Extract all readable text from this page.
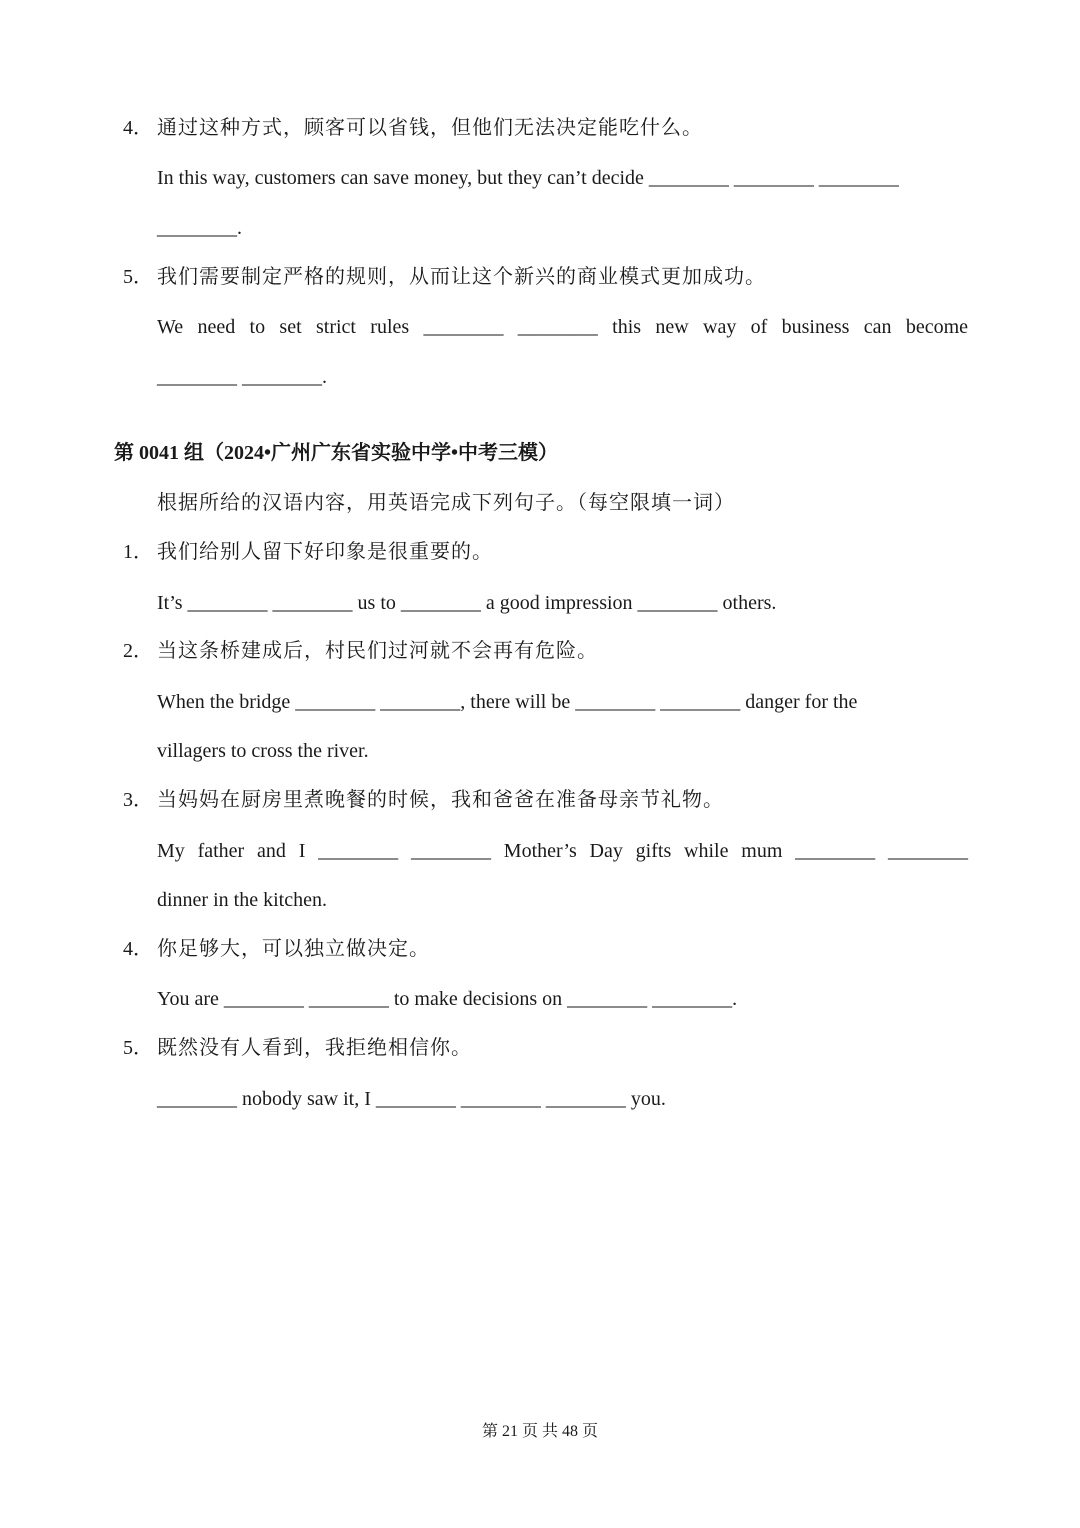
4． 通过这种方式，顾客可以省钱，但他们无法决定能吃什么。
In this way, customers can save money, but they can’t decide ________ ________ ________
________.
5． 我们需要制定严格的规则，从而让这个新兴的商业模式更加成功。
We need to set strict rules ________ ________ this new way of business can become
________ ________.
第 0041 组（2024•广州广东省实验中学•中考三模）
根据所给的汉语内容，用英语完成下列句子。（每空限填一词）
1． 我们给别人留下好印象是很重要的。
It’s ________ ________ us to ________ a good impression ________ others.
2． 当这条桥建成后，村民们过河就不会再有危险。
When the bridge ________ ________, there will be ________ ________ danger for the
villagers to cross the river.
3． 当妈妈在厨房里煮晚餐的时候，我和爸爸在准备母亲节礼物。
My father and I ________ ________ Mother’s Day gifts while mum ________ ________
dinner in the kitchen.
4． 你足够大，可以独立做决定。
You are ________ ________ to make decisions on ________ ________.
5． 既然没有人看到，我拒绝相信你。
________ nobody saw it, I ________ ________ ________ you.
第 21 页 共 48 页
